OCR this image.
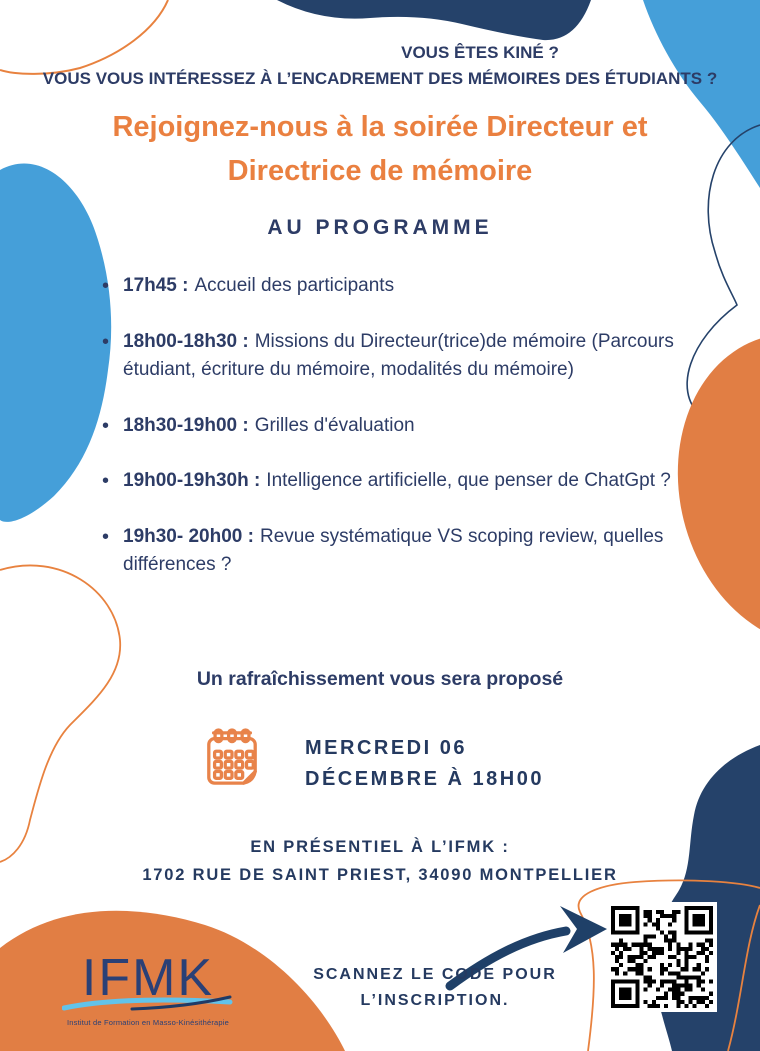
VOUS ÊTES KINÉ ?
VOUS VOUS INTÉRESSEZ À L’ENCADREMENT DES MÉMOIRES DES ÉTUDIANTS ?
Rejoignez-nous à la soirée Directeur et
Directrice de mémoire
AU PROGRAMME
• 17h45 : Accueil des participants
• 18h00-18h30 : Missions du Directeur(trice)de mémoire (Parcours étudiant, écriture du mémoire, modalités du mémoire)
• 18h30-19h00 : Grilles d'évaluation
• 19h00-19h30h : Intelligence artificielle, que penser de ChatGpt ?
• 19h30- 20h00 : Revue systématique VS scoping review, quelles différences ?
Un rafraîchissement vous sera proposé
MERCREDI 06
DÉCEMBRE À 18H00
EN PRÉSENTIEL À L’IFMK :
1702 RUE DE SAINT PRIEST, 34090 MONTPELLIER
SCANNEZ LE CODE POUR
L’INSCRIPTION.
IFMK
Institut de Formation en Masso-Kinésithérapie
